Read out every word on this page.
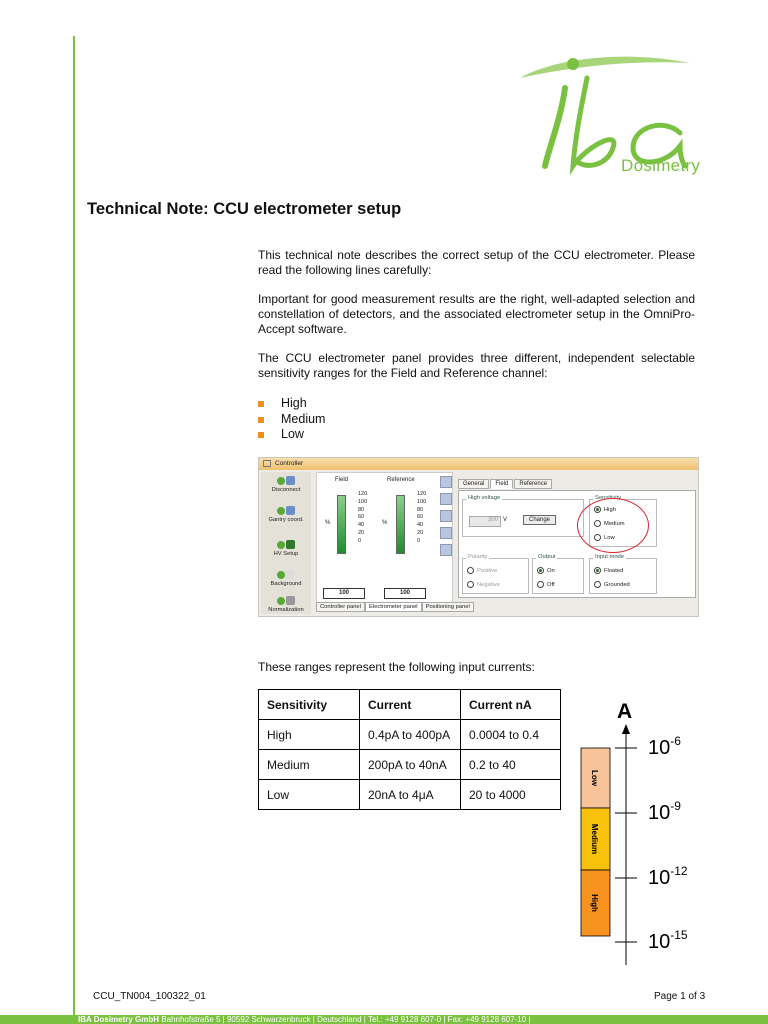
Dosimetry
Technical Note: CCU electrometer setup
This technical note describes the correct setup of the CCU electrometer. Please read the following lines carefully:
Important for good measurement results are the right, well-adapted selection and constellation of detectors, and the associated electrometer setup in the OmniPro-Accept software.
The CCU electrometer panel provides three different, independent selectable sensitivity ranges for the Field and Reference channel:
High
Medium
Low
Controller
Disconnect
Gantry coord.
HV Setup
Background
Normalization
Field	Reference
%	%
120
100
80
60
40
20
0
120
100
80
60
40
20
0
100	100
General Field Reference
High voltage
300 V	Change
Sensitivity
High
Medium
Low
Polarity
Positive
Negative
Output
On
Off
Input mode
Floated
Grounded
Controller panel Electrometer panel Positioning panel
These ranges represent the following input currents:
Sensitivity	Current	Current nA
High	0.4pA to 400pA	0.0004 to 0.4
Medium	200pA to 40nA	0.2 to 40
Low	20nA to 4μA	20 to 4000
A
Low
Medium
High
$10^{-6}$
$10^{-9}$
$10^{-12}$
$10^{-15}$
CCU_TN004_100322_01	Page 1 of 3
IBA Dosimetry GmbH Bahnhofstraße 5 | 90592 Schwarzenbruck | Deutschland | Tel.: +49 9128 607-0 | Fax: +49 9128 607-10 |
